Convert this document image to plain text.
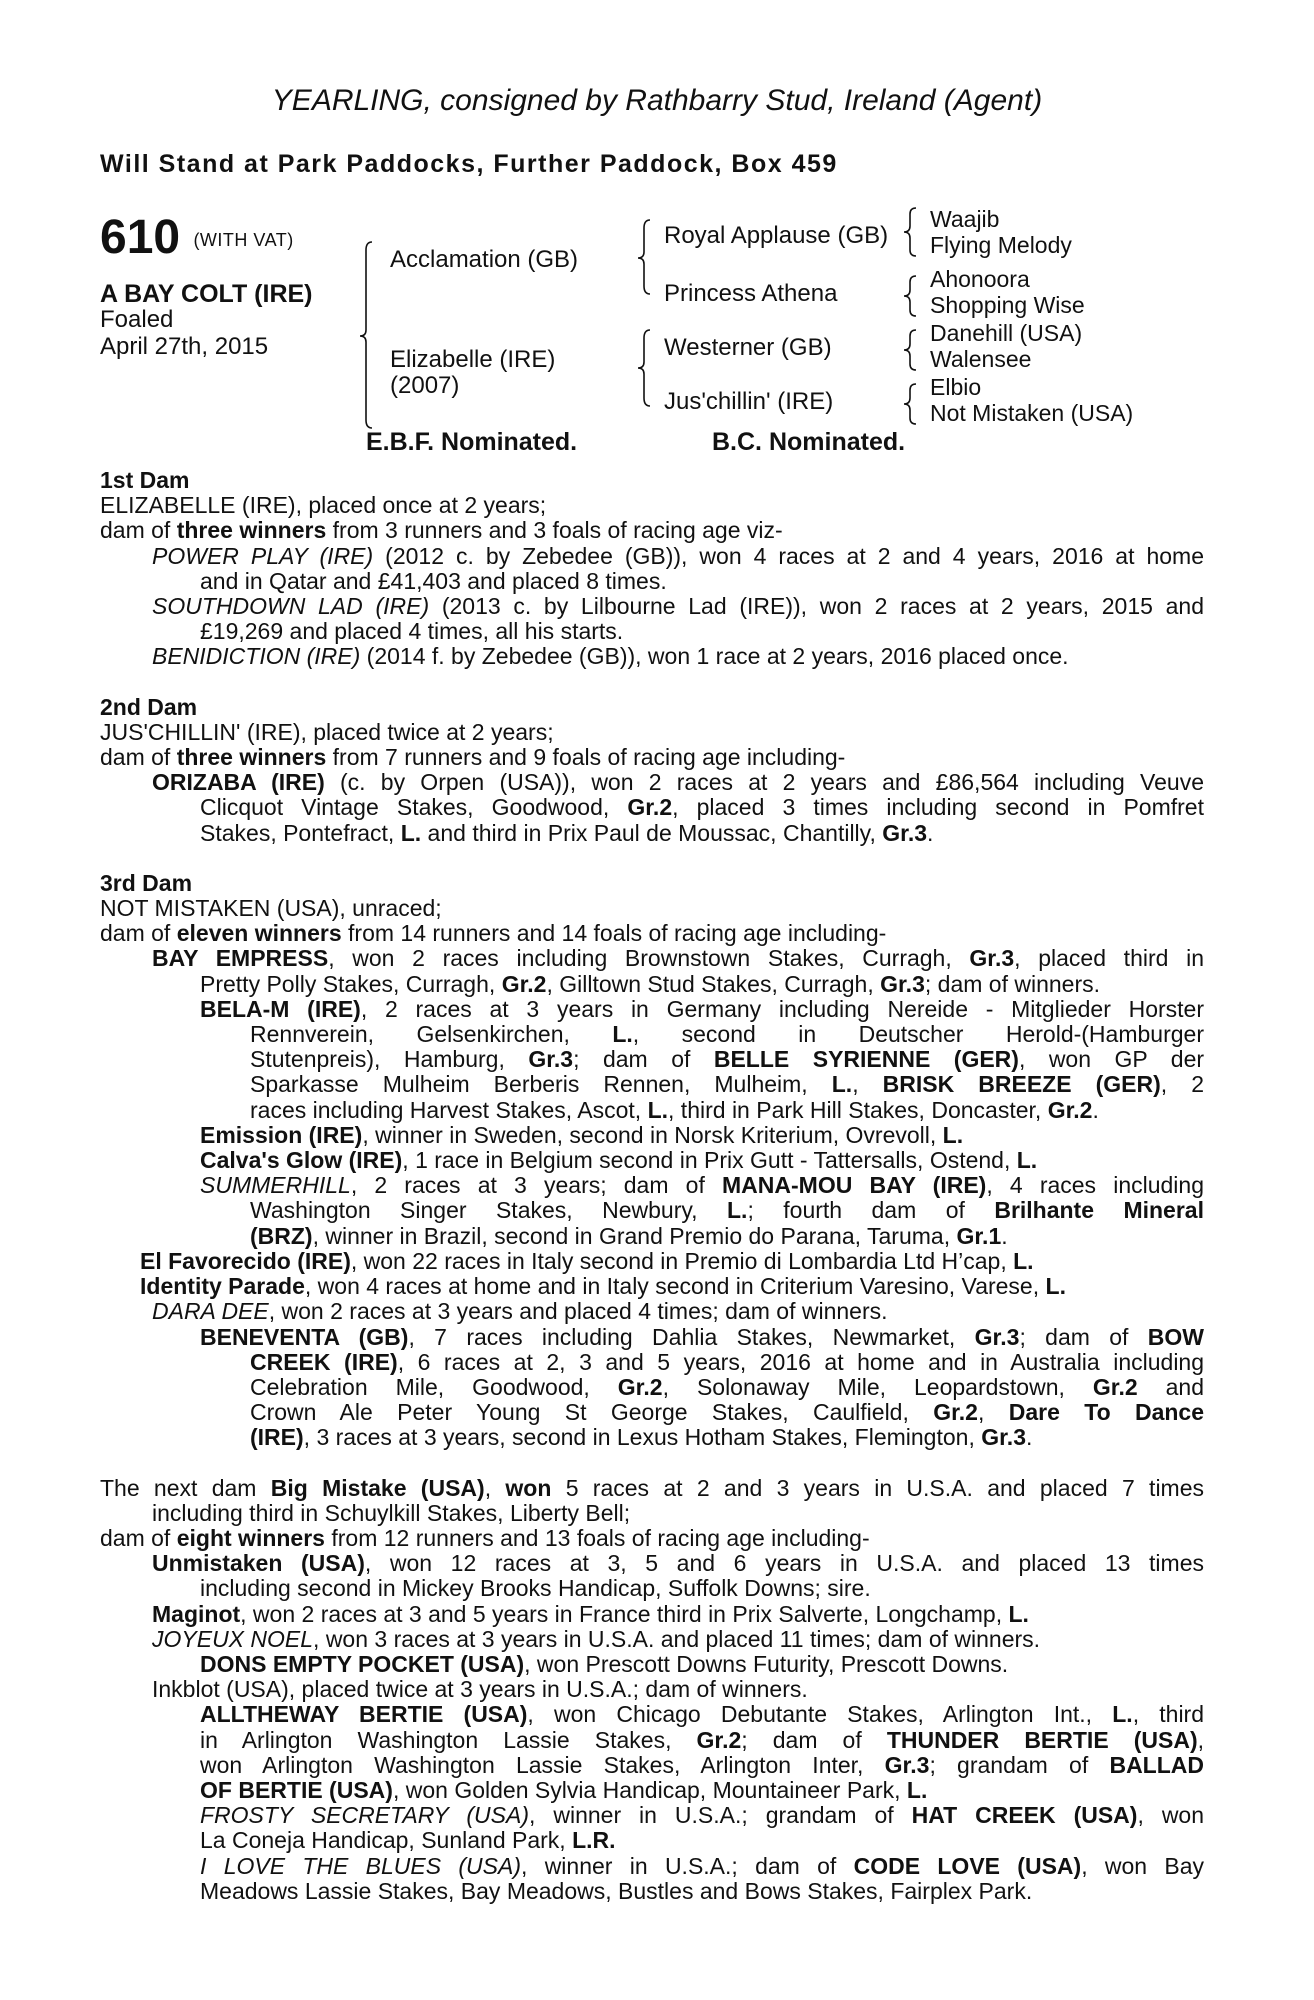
YEARLING, consigned by Rathbarry Stud, Ireland (Agent)
Will Stand at Park Paddocks, Further Paddock, Box 459
610 (WITH VAT)
A BAY COLT (IRE)
Foaled
April 27th, 2015
Acclamation (GB)
Elizabelle (IRE)
(2007)
Royal Applause (GB)
Princess Athena
Westerner (GB)
Jus'chillin' (IRE)
Waajib
Flying Melody
Ahonoora
Shopping Wise
Danehill (USA)
Walensee
Elbio
Not Mistaken (USA)
E.B.F. Nominated.	B.C. Nominated.
1st Dam
ELIZABELLE (IRE), placed once at 2 years;
dam of three winners from 3 runners and 3 foals of racing age viz-
POWER PLAY (IRE) (2012 c. by Zebedee (GB)), won 4 races at 2 and 4 years, 2016 at home
and in Qatar and £41,403 and placed 8 times.
SOUTHDOWN LAD (IRE) (2013 c. by Lilbourne Lad (IRE)), won 2 races at 2 years, 2015 and
£19,269 and placed 4 times, all his starts.
BENIDICTION (IRE) (2014 f. by Zebedee (GB)), won 1 race at 2 years, 2016 placed once.
2nd Dam
JUS'CHILLIN' (IRE), placed twice at 2 years;
dam of three winners from 7 runners and 9 foals of racing age including-
ORIZABA (IRE) (c. by Orpen (USA)), won 2 races at 2 years and £86,564 including Veuve
Clicquot Vintage Stakes, Goodwood, Gr.2, placed 3 times including second in Pomfret
Stakes, Pontefract, L. and third in Prix Paul de Moussac, Chantilly, Gr.3.
3rd Dam
NOT MISTAKEN (USA), unraced;
dam of eleven winners from 14 runners and 14 foals of racing age including-
BAY EMPRESS, won 2 races including Brownstown Stakes, Curragh, Gr.3, placed third in
Pretty Polly Stakes, Curragh, Gr.2, Gilltown Stud Stakes, Curragh, Gr.3; dam of winners.
BELA-M (IRE), 2 races at 3 years in Germany including Nereide - Mitglieder Horster
Rennverein, Gelsenkirchen, L., second in Deutscher Herold-(Hamburger
Stutenpreis), Hamburg, Gr.3; dam of BELLE SYRIENNE (GER), won GP der
Sparkasse Mulheim Berberis Rennen, Mulheim, L., BRISK BREEZE (GER), 2
races including Harvest Stakes, Ascot, L., third in Park Hill Stakes, Doncaster, Gr.2.
Emission (IRE), winner in Sweden, second in Norsk Kriterium, Ovrevoll, L.
Calva's Glow (IRE), 1 race in Belgium second in Prix Gutt - Tattersalls, Ostend, L.
SUMMERHILL, 2 races at 3 years; dam of MANA-MOU BAY (IRE), 4 races including
Washington Singer Stakes, Newbury, L.; fourth dam of Brilhante Mineral
(BRZ), winner in Brazil, second in Grand Premio do Parana, Taruma, Gr.1.
El Favorecido (IRE), won 22 races in Italy second in Premio di Lombardia Ltd H’cap, L.
Identity Parade, won 4 races at home and in Italy second in Criterium Varesino, Varese, L.
DARA DEE, won 2 races at 3 years and placed 4 times; dam of winners.
BENEVENTA (GB), 7 races including Dahlia Stakes, Newmarket, Gr.3; dam of BOW
CREEK (IRE), 6 races at 2, 3 and 5 years, 2016 at home and in Australia including
Celebration Mile, Goodwood, Gr.2, Solonaway Mile, Leopardstown, Gr.2 and
Crown Ale Peter Young St George Stakes, Caulfield, Gr.2, Dare To Dance
(IRE), 3 races at 3 years, second in Lexus Hotham Stakes, Flemington, Gr.3.
The next dam Big Mistake (USA), won 5 races at 2 and 3 years in U.S.A. and placed 7 times
including third in Schuylkill Stakes, Liberty Bell;
dam of eight winners from 12 runners and 13 foals of racing age including-
Unmistaken (USA), won 12 races at 3, 5 and 6 years in U.S.A. and placed 13 times
including second in Mickey Brooks Handicap, Suffolk Downs; sire.
Maginot, won 2 races at 3 and 5 years in France third in Prix Salverte, Longchamp, L.
JOYEUX NOEL, won 3 races at 3 years in U.S.A. and placed 11 times; dam of winners.
DONS EMPTY POCKET (USA), won Prescott Downs Futurity, Prescott Downs.
Inkblot (USA), placed twice at 3 years in U.S.A.; dam of winners.
ALLTHEWAY BERTIE (USA), won Chicago Debutante Stakes, Arlington Int., L., third
in Arlington Washington Lassie Stakes, Gr.2; dam of THUNDER BERTIE (USA),
won Arlington Washington Lassie Stakes, Arlington Inter, Gr.3; grandam of BALLAD
OF BERTIE (USA), won Golden Sylvia Handicap, Mountaineer Park, L.
FROSTY SECRETARY (USA), winner in U.S.A.; grandam of HAT CREEK (USA), won
La Coneja Handicap, Sunland Park, L.R.
I LOVE THE BLUES (USA), winner in U.S.A.; dam of CODE LOVE (USA), won Bay
Meadows Lassie Stakes, Bay Meadows, Bustles and Bows Stakes, Fairplex Park.
